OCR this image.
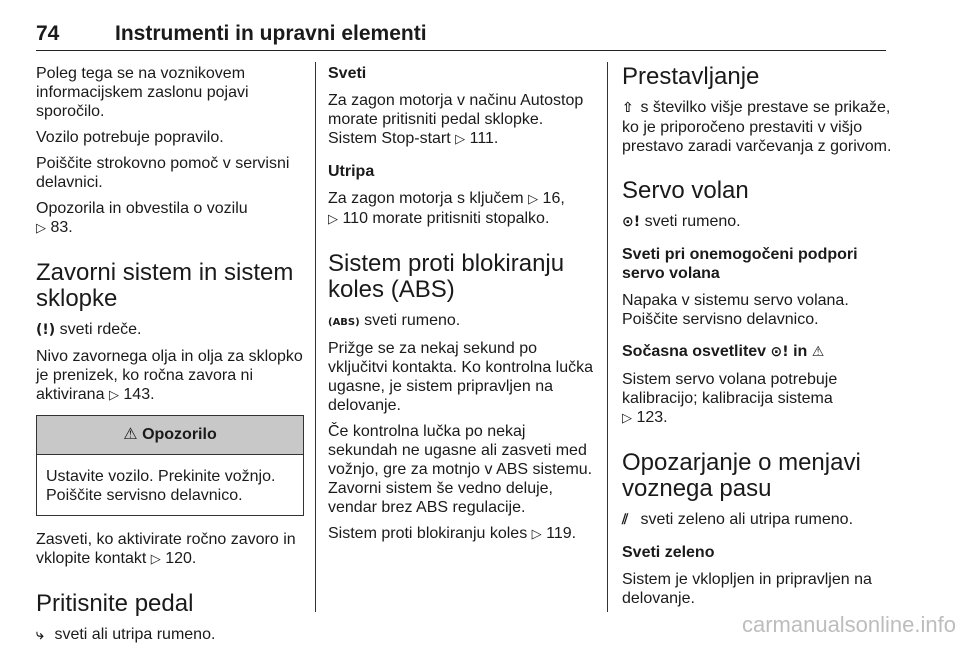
74	Instrumenti in upravni elementi

Poleg tega se na voznikovem informacijskem zaslonu pojavi sporočilo.

Vozilo potrebuje popravilo.

Poiščite strokovno pomoč v servisni delavnici.

Opozorila in obvestila o vozilu
▷ 83.

Zavorni sistem in sistem sklopke

(!) sveti rdeče.

Nivo zavornega olja in olja za sklopko je prenizek, ko ročna zavora ni aktivirana ▷ 143.

⚠ Opozorilo
Ustavite vozilo. Prekinite vožnjo. Poiščite servisno delavnico.

Zasveti, ko aktivirate ročno zavoro in vklopite kontakt ▷ 120.

Pritisnite pedal

⤷ sveti ali utripa rumeno.

Sveti

Za zagon motorja v načinu Autostop morate pritisniti pedal sklopke. Sistem Stop-start ▷ 111.

Utripa

Za zagon motorja s ključem ▷ 16,
▷ 110 morate pritisniti stopalko.

Sistem proti blokiranju koles (ABS)

(ABS) sveti rumeno.

Prižge se za nekaj sekund po vključitvi kontakta. Ko kontrolna lučka ugasne, je sistem pripravljen na delovanje.

Če kontrolna lučka po nekaj sekundah ne ugasne ali zasveti med vožnjo, gre za motnjo v ABS sistemu. Zavorni sistem še vedno deluje, vendar brez ABS regulacije.

Sistem proti blokiranju koles ▷ 119.

Prestavljanje

⇧ s številko višje prestave se prikaže, ko je priporočeno prestaviti v višjo prestavo zaradi varčevanja z gorivom.

Servo volan

⊙! sveti rumeno.

Sveti pri onemogočeni podpori servo volana

Napaka v sistemu servo volana. Poiščite servisno delavnico.

Sočasna osvetlitev ⊙! in ⚠

Sistem servo volana potrebuje kalibracijo; kalibracija sistema
▷ 123.

Opozarjanje o menjavi voznega pasu

⫽ sveti zeleno ali utripa rumeno.

Sveti zeleno

Sistem je vklopljen in pripravljen na delovanje.

carmanualsonline.info
